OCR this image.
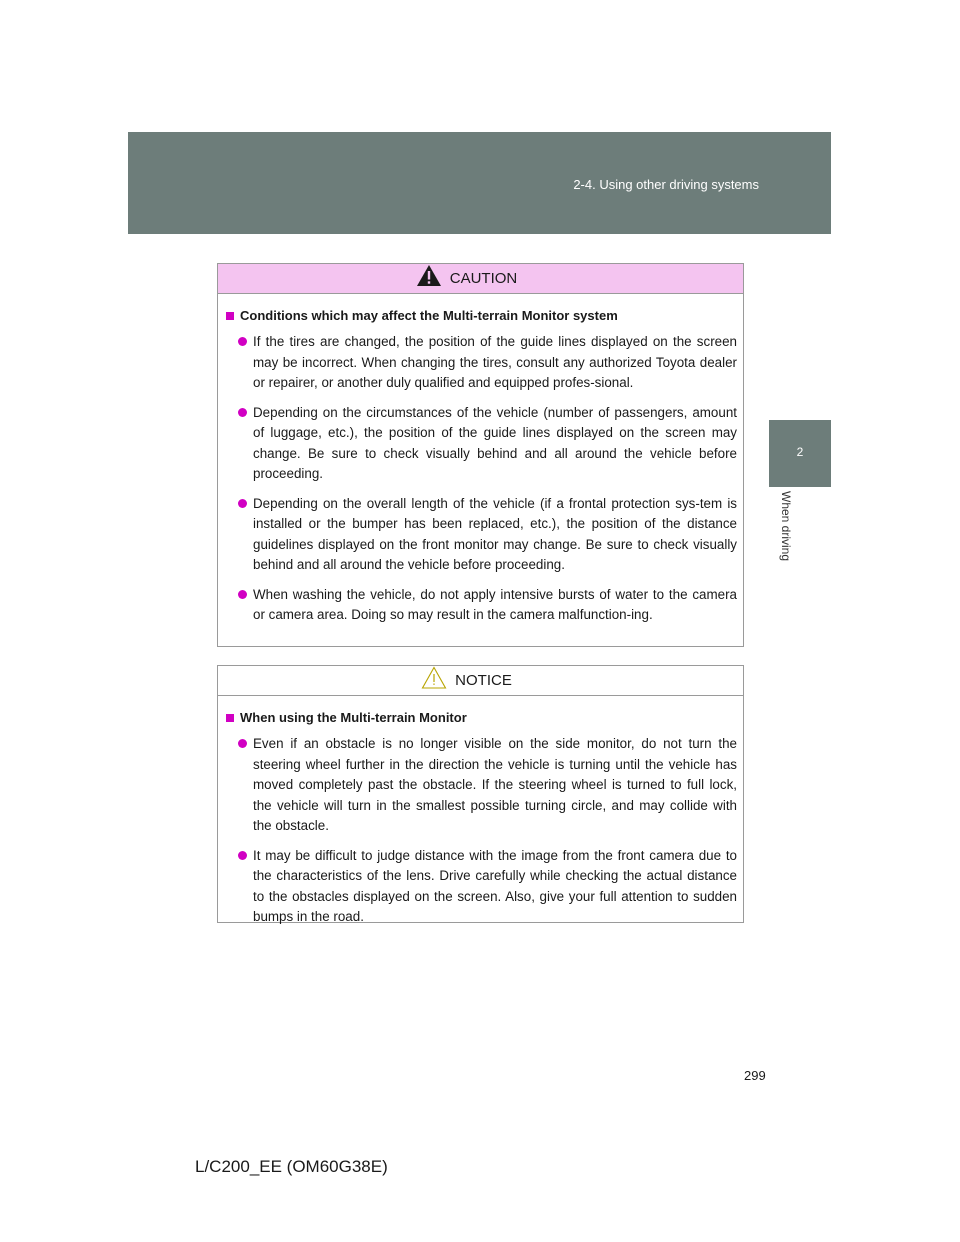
2-4. Using other driving systems
2
When driving
CAUTION
Conditions which may affect the Multi-terrain Monitor system
If the tires are changed, the position of the guide lines displayed on the screen may be incorrect. When changing the tires, consult any authorized Toyota dealer or repairer, or another duly qualified and equipped profes-sional.
Depending on the circumstances of the vehicle (number of passengers, amount of luggage, etc.), the position of the guide lines displayed on the screen may change. Be sure to check visually behind and all around the vehicle before proceeding.
Depending on the overall length of the vehicle (if a frontal protection sys-tem is installed or the bumper has been replaced, etc.), the position of the distance guidelines displayed on the front monitor may change. Be sure to check visually behind and all around the vehicle before proceeding.
When washing the vehicle, do not apply intensive bursts of water to the camera or camera area. Doing so may result in the camera malfunction-ing.
NOTICE
When using the Multi-terrain Monitor
Even if an obstacle is no longer visible on the side monitor, do not turn the steering wheel further in the direction the vehicle is turning until the vehicle has moved completely past the obstacle. If the steering wheel is turned to full lock, the vehicle will turn in the smallest possible turning circle, and may collide with the obstacle.
It may be difficult to judge distance with the image from the front camera due to the characteristics of the lens. Drive carefully while checking the actual distance to the obstacles displayed on the screen. Also, give your full attention to sudden bumps in the road.
299
L/C200_EE (OM60G38E)
